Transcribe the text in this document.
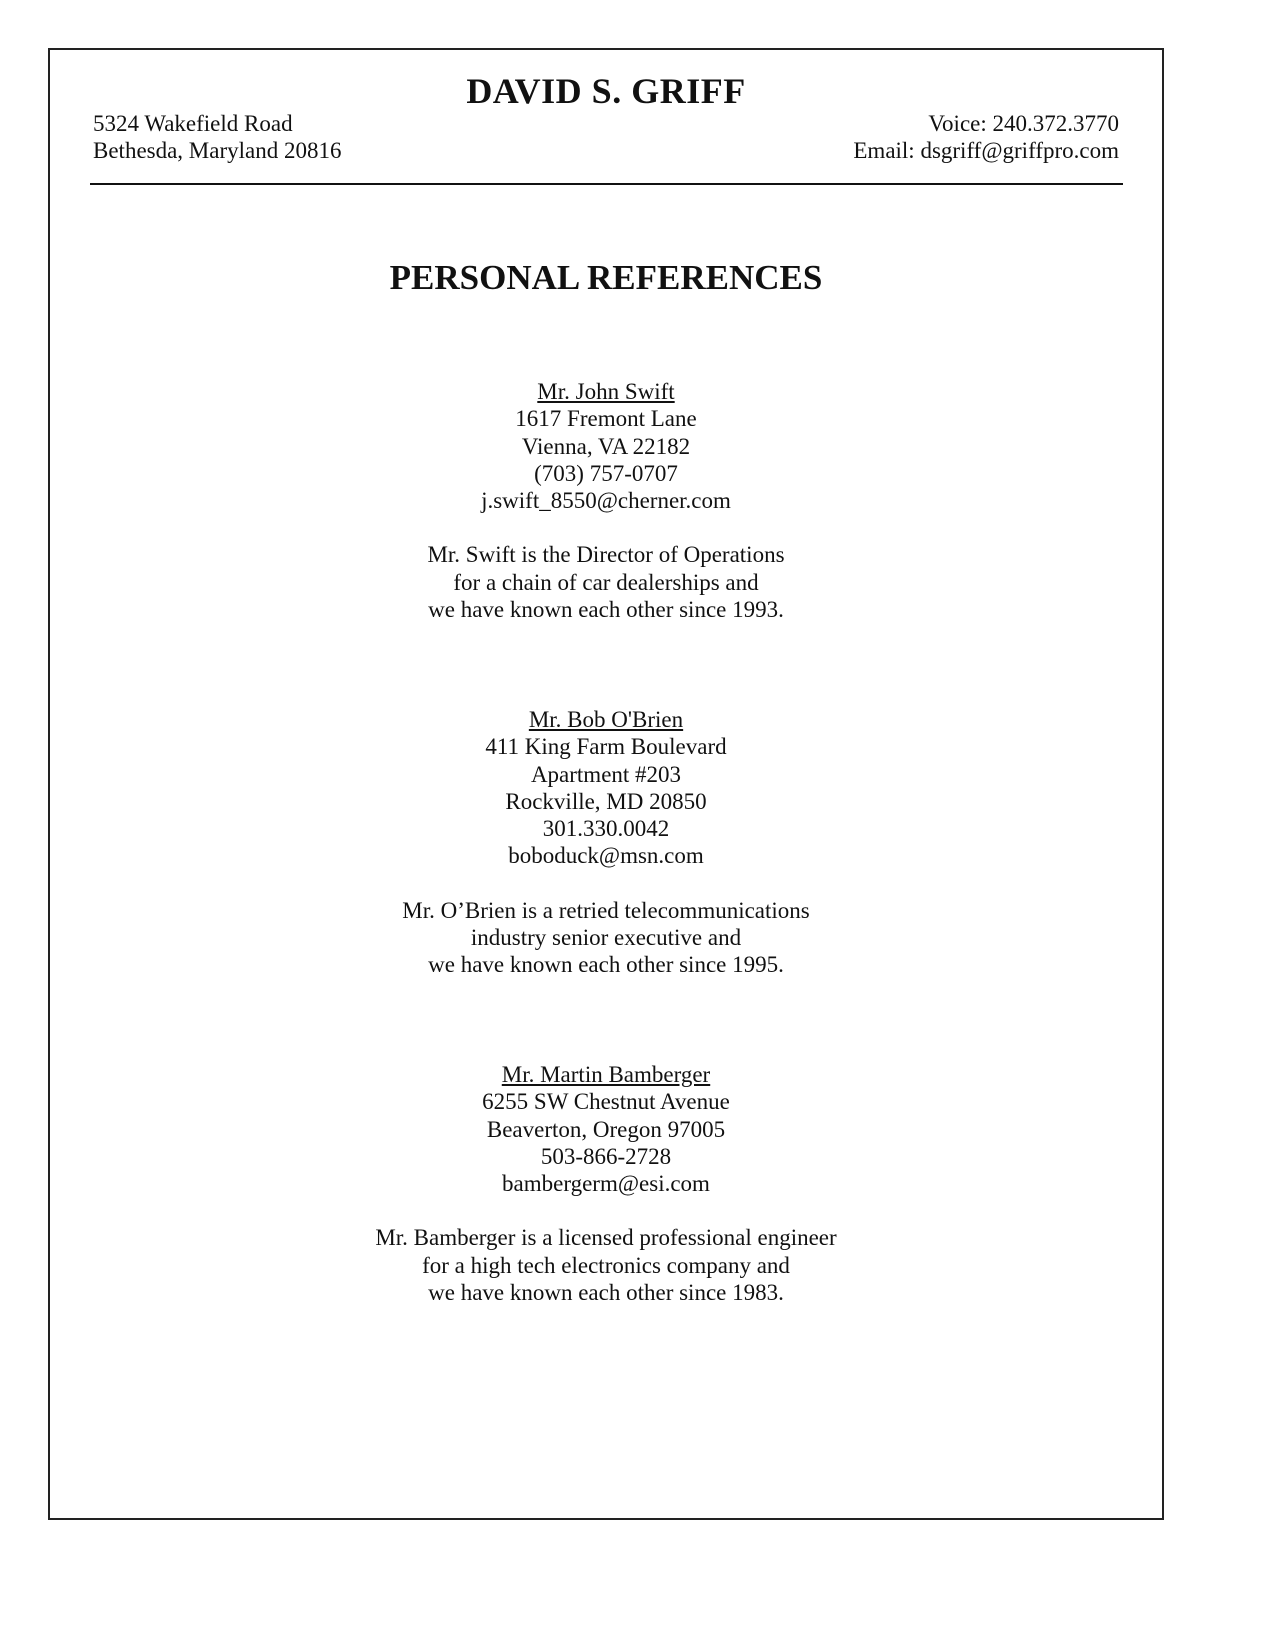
DAVID S. GRIFF
5324 Wakefield Road
Bethesda, Maryland 20816
Voice: 240.372.3770
Email: dsgriff@griffpro.com
PERSONAL REFERENCES
Mr. John Swift
1617 Fremont Lane
Vienna, VA 22182
(703) 757-0707
j.swift_8550@cherner.com
Mr. Swift is the Director of Operations
for a chain of car dealerships and
we have known each other since 1993.
Mr. Bob O'Brien
411 King Farm Boulevard
Apartment #203
Rockville, MD 20850
301.330.0042
boboduck@msn.com
Mr. O’Brien is a retried telecommunications
industry senior executive and
we have known each other since 1995.
Mr. Martin Bamberger
6255 SW Chestnut Avenue
Beaverton, Oregon 97005
503-866-2728
bambergerm@esi.com
Mr. Bamberger is a licensed professional engineer
for a high tech electronics company and
we have known each other since 1983.
